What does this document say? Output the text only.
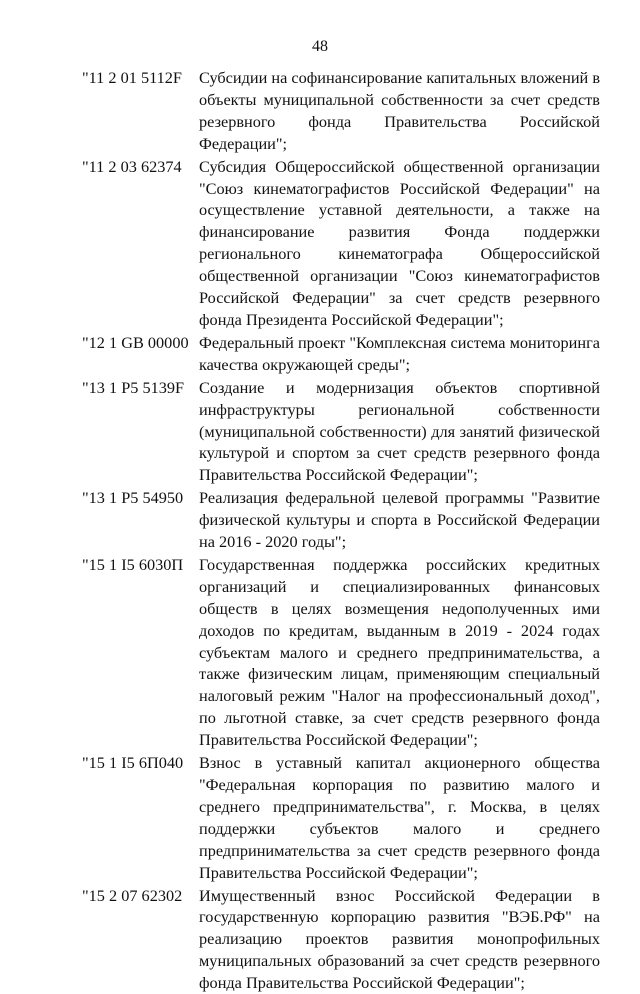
48
"11 2 01 5112F Субсидии на софинансирование капитальных вложений в объекты муниципальной собственности за счет средств резервного фонда Правительства Российской Федерации";
"11 2 03 62374 Субсидия Общероссийской общественной организации "Союз кинематографистов Российской Федерации" на осуществление уставной деятельности, а также на финансирование развития Фонда поддержки регионального кинематографа Общероссийской общественной организации "Союз кинематографистов Российской Федерации" за счет средств резервного фонда Президента Российской Федерации";
"12 1 GB 00000 Федеральный проект "Комплексная система мониторинга качества окружающей среды";
"13 1 P5 5139F Создание и модернизация объектов спортивной инфраструктуры региональной собственности (муниципальной собственности) для занятий физической культурой и спортом за счет средств резервного фонда Правительства Российской Федерации";
"13 1 P5 54950 Реализация федеральной целевой программы "Развитие физической культуры и спорта в Российской Федерации на 2016 - 2020 годы";
"15 1 I5 6030П Государственная поддержка российских кредитных организаций и специализированных финансовых обществ в целях возмещения недополученных ими доходов по кредитам, выданным в 2019 - 2024 годах субъектам малого и среднего предпринимательства, а также физическим лицам, применяющим специальный налоговый режим "Налог на профессиональный доход", по льготной ставке, за счет средств резервного фонда Правительства Российской Федерации";
"15 1 I5 6П040 Взнос в уставный капитал акционерного общества "Федеральная корпорация по развитию малого и среднего предпринимательства", г. Москва, в целях поддержки субъектов малого и среднего предпринимательства за счет средств резервного фонда Правительства Российской Федерации";
"15 2 07 62302 Имущественный взнос Российской Федерации в государственную корпорацию развития "ВЭБ.РФ" на реализацию проектов развития монопрофильных муниципальных образований за счет средств резервного фонда Правительства Российской Федерации";
